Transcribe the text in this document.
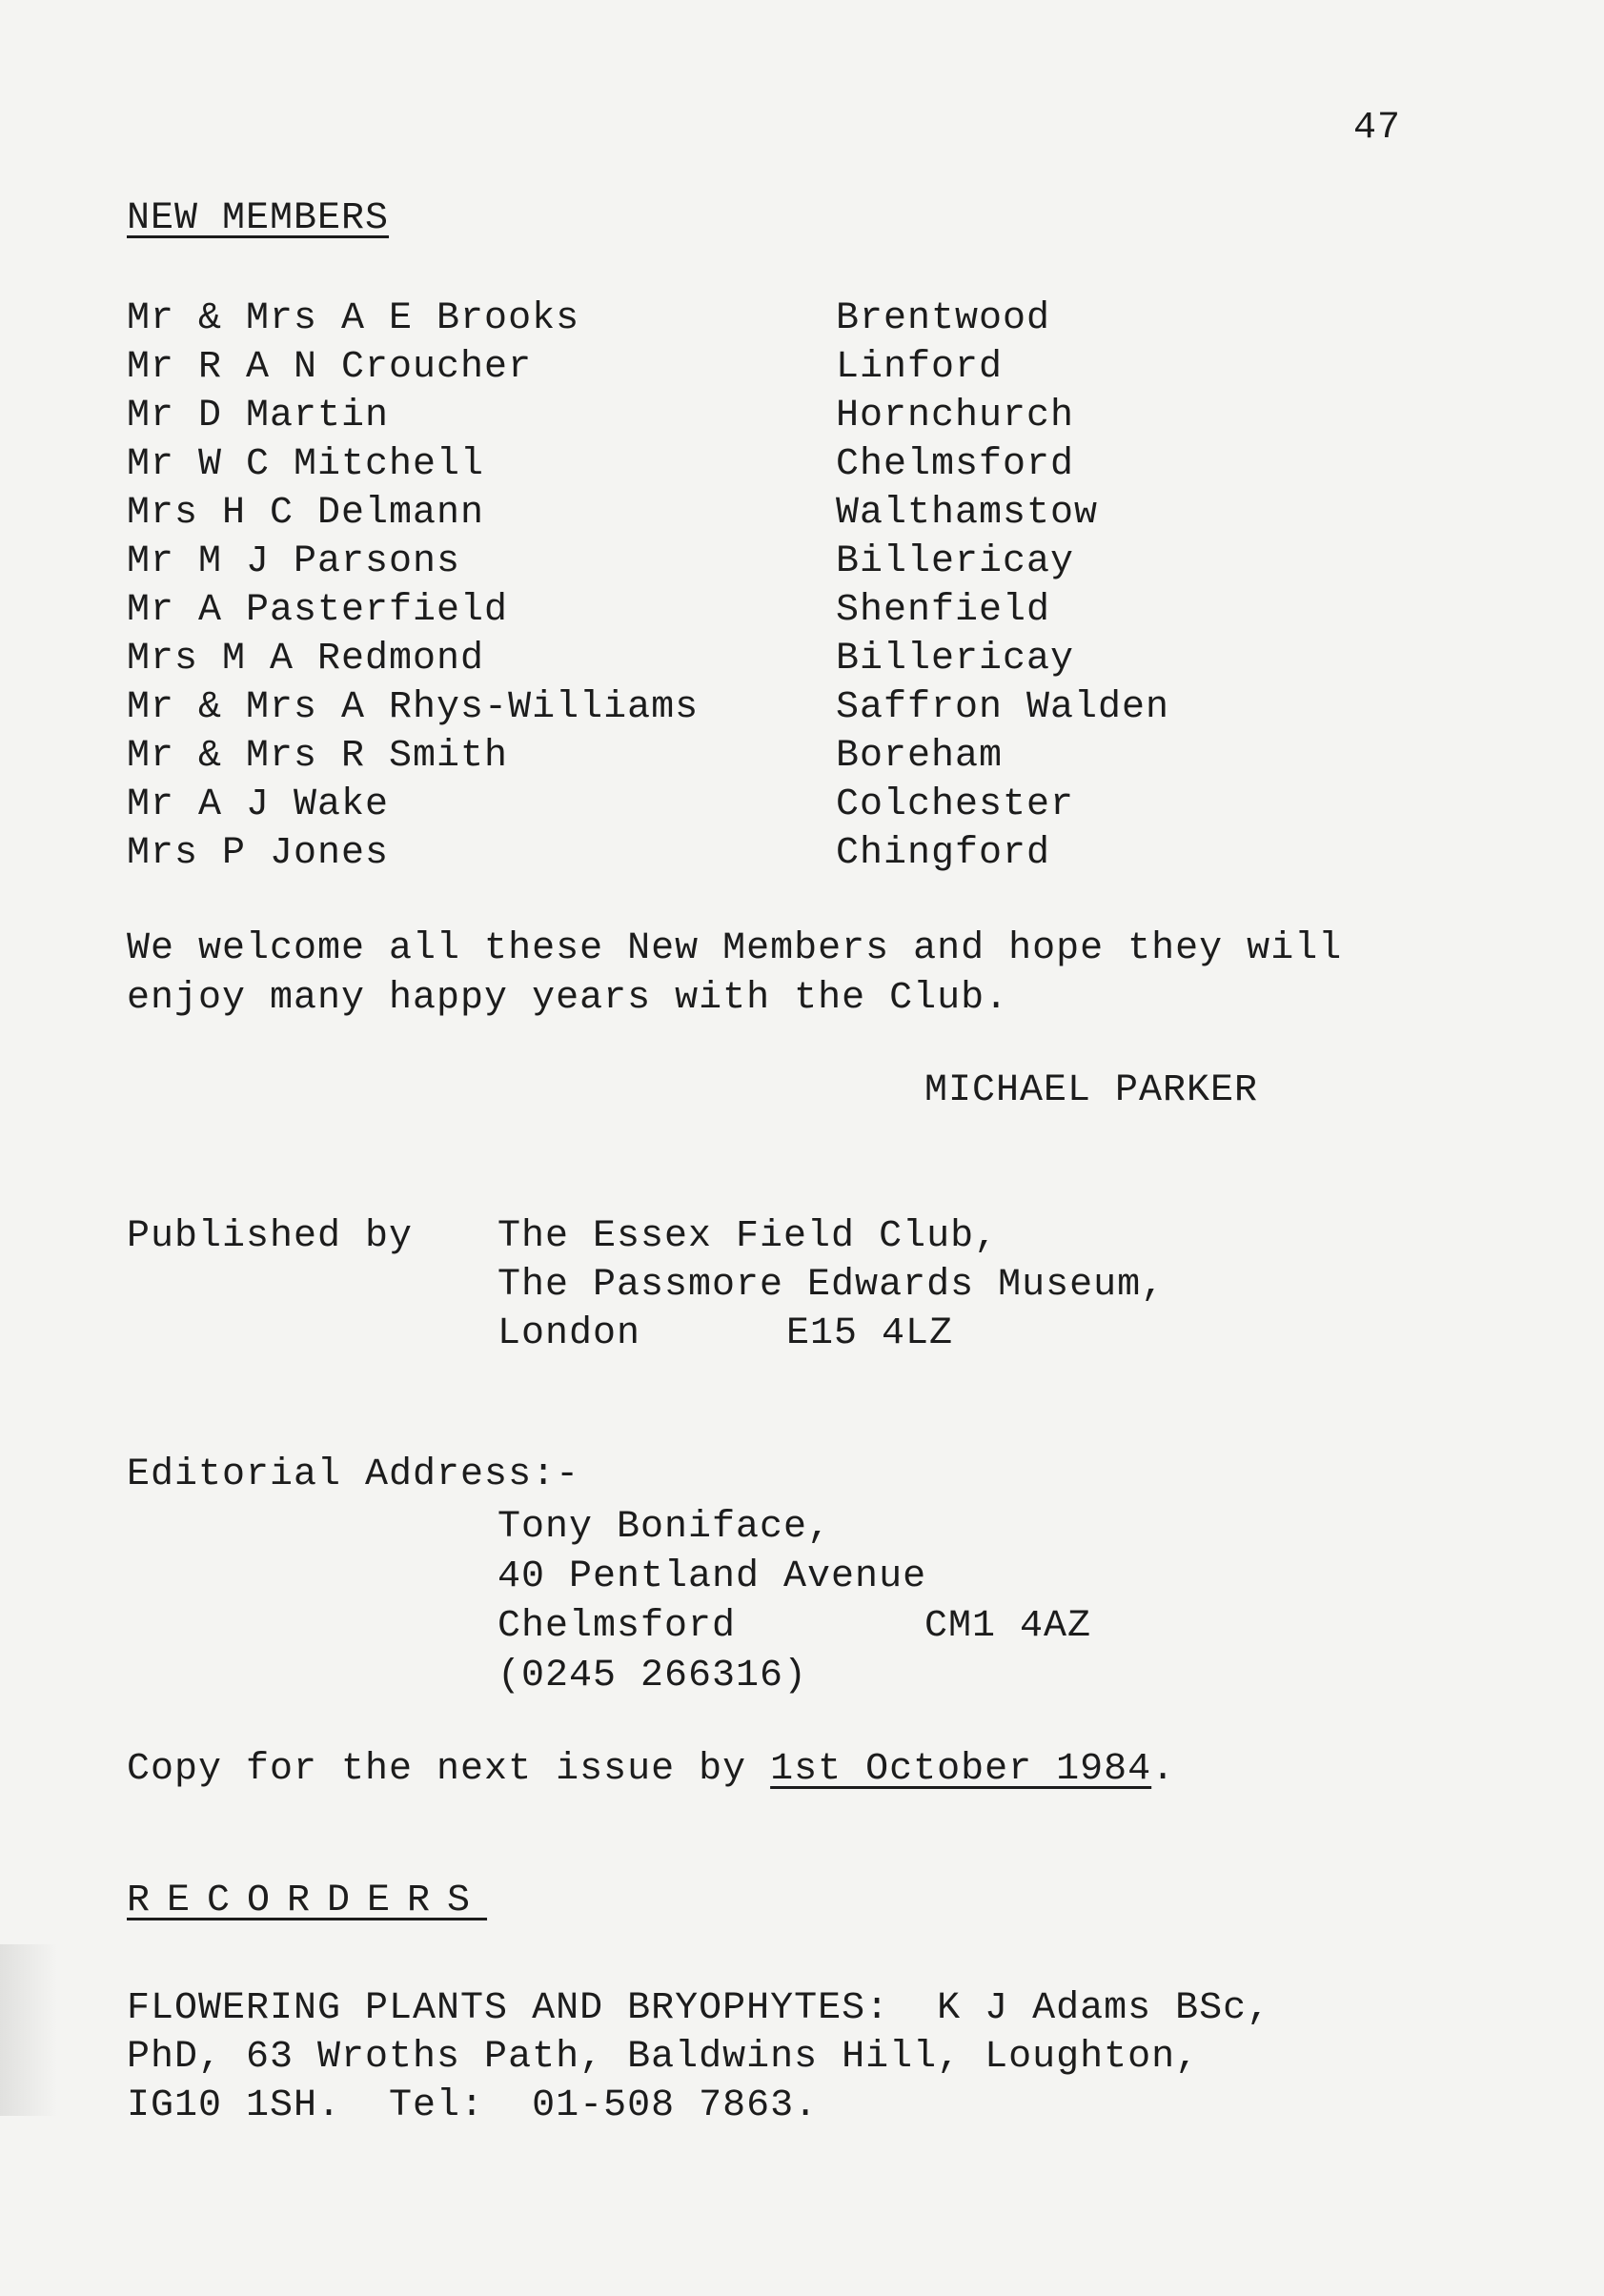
47
NEW MEMBERS
Mr & Mrs A E Brooks	Brentwood
Mr R A N Croucher	Linford
Mr D Martin	Hornchurch
Mr W C Mitchell	Chelmsford
Mrs H C Delmann	Walthamstow
Mr M J Parsons	Billericay
Mr A Pasterfield	Shenfield
Mrs M A Redmond	Billericay
Mr & Mrs A Rhys-Williams	Saffron Walden
Mr & Mrs R Smith	Boreham
Mr A J Wake	Colchester
Mrs P Jones	Chingford
We welcome all these New Members and hope they will enjoy many happy years with the Club.
MICHAEL PARKER
Published by The Essex Field Club,
The Passmore Edwards Museum,
London	E15 4LZ
Editorial Address:-
Tony Boniface,
40 Pentland Avenue
Chelmsford	CM1 4AZ
(0245 266316)
Copy for the next issue by 1st October 1984.
RECORDERS
FLOWERING PLANTS AND BRYOPHYTES:  K J Adams BSc,
PhD, 63 Wroths Path, Baldwins Hill, Loughton,
IG10 1SH.  Tel:  01-508 7863.
